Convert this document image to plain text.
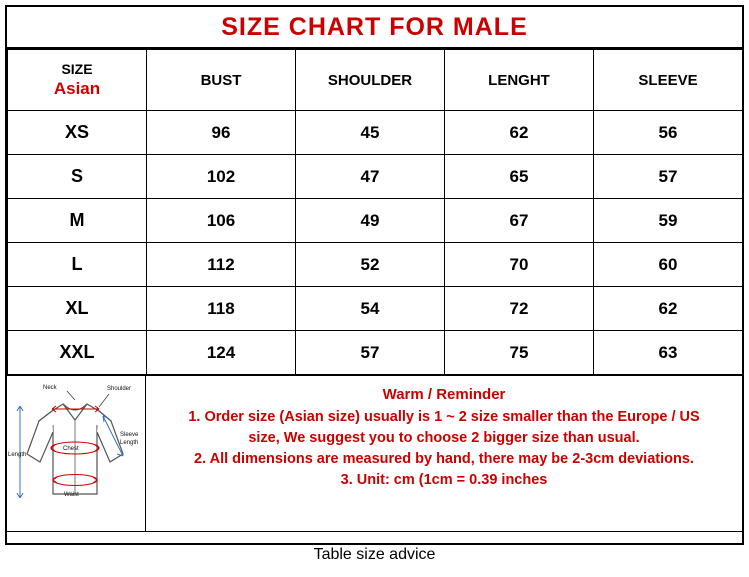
SIZE CHART FOR MALE
SIZE
Asian	BUST	SHOULDER	LENGHT	SLEEVE
XS	96	45	62	56
S	102	47	65	57
M	106	49	67	59
L	112	52	70	60
XL	118	54	72	62
XXL	124	57	75	63
Neck	Shoulder
Chest
Waist
Length
Sleeve
Length
Warm / Reminder
1. Order size (Asian size) usually is 1 ~ 2 size smaller than the Europe / US
size, We suggest you to choose 2 bigger size than usual.
2. All dimensions are measured by hand, there may be 2-3cm deviations.
3. Unit: cm (1cm = 0.39 inches
Table size advice
